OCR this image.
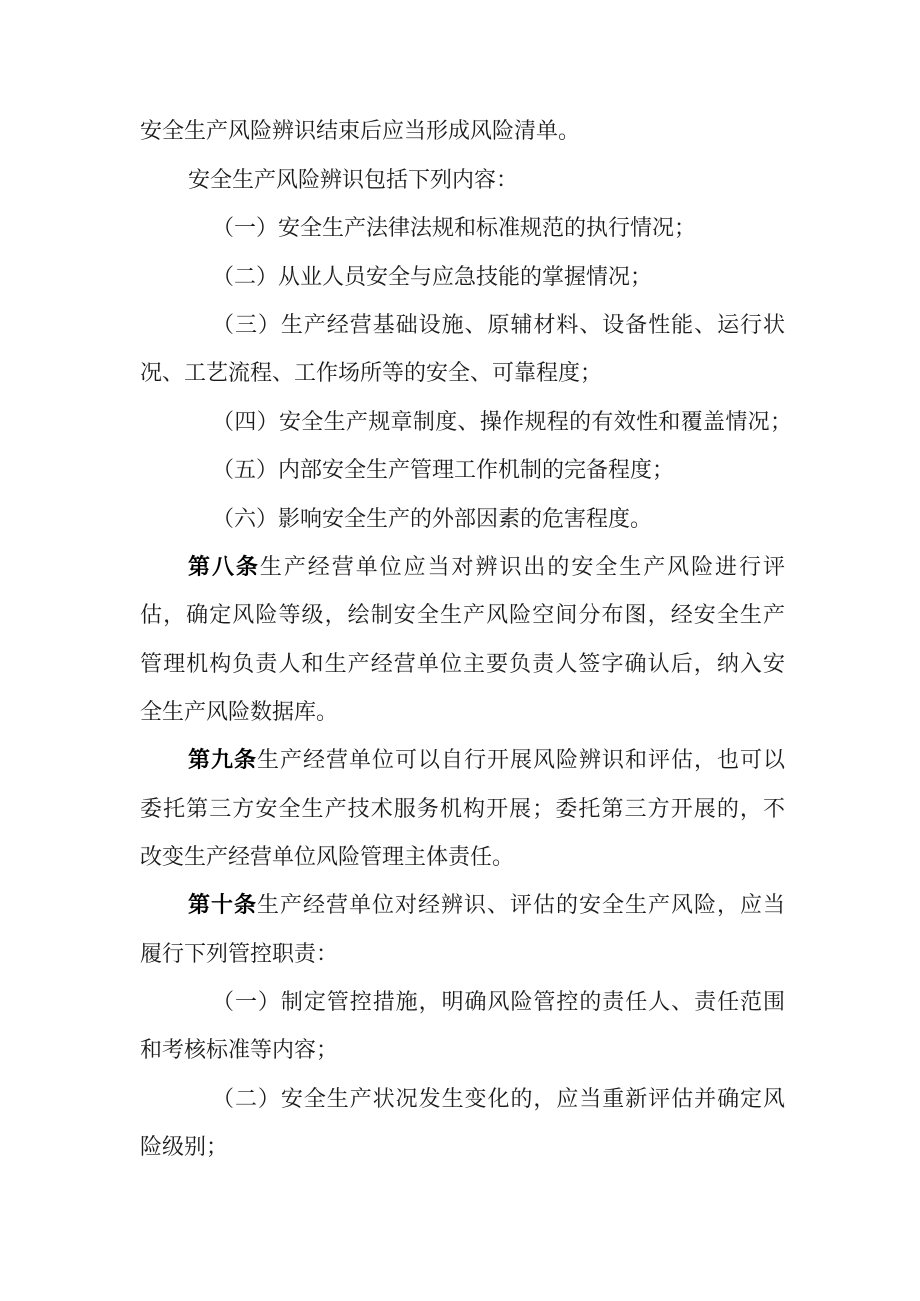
安全生产风险辨识结束后应当形成风险清单。
安全生产风险辨识包括下列内容：
（一）安全生产法律法规和标准规范的执行情况；
（二）从业人员安全与应急技能的掌握情况；
（三）生产经营基础设施、原辅材料、设备性能、运行状
况、工艺流程、工作场所等的安全、可靠程度；
（四）安全生产规章制度、操作规程的有效性和覆盖情况；
（五）内部安全生产管理工作机制的完备程度；
（六）影响安全生产的外部因素的危害程度。
第八条生产经营单位应当对辨识出的安全生产风险进行评
估，确定风险等级，绘制安全生产风险空间分布图，经安全生产
管理机构负责人和生产经营单位主要负责人签字确认后，纳入安
全生产风险数据库。
第九条生产经营单位可以自行开展风险辨识和评估，也可以
委托第三方安全生产技术服务机构开展；委托第三方开展的，不
改变生产经营单位风险管理主体责任。
第十条生产经营单位对经辨识、评估的安全生产风险，应当
履行下列管控职责：
（一）制定管控措施，明确风险管控的责任人、责任范围
和考核标准等内容；
（二）安全生产状况发生变化的，应当重新评估并确定风
险级别；
